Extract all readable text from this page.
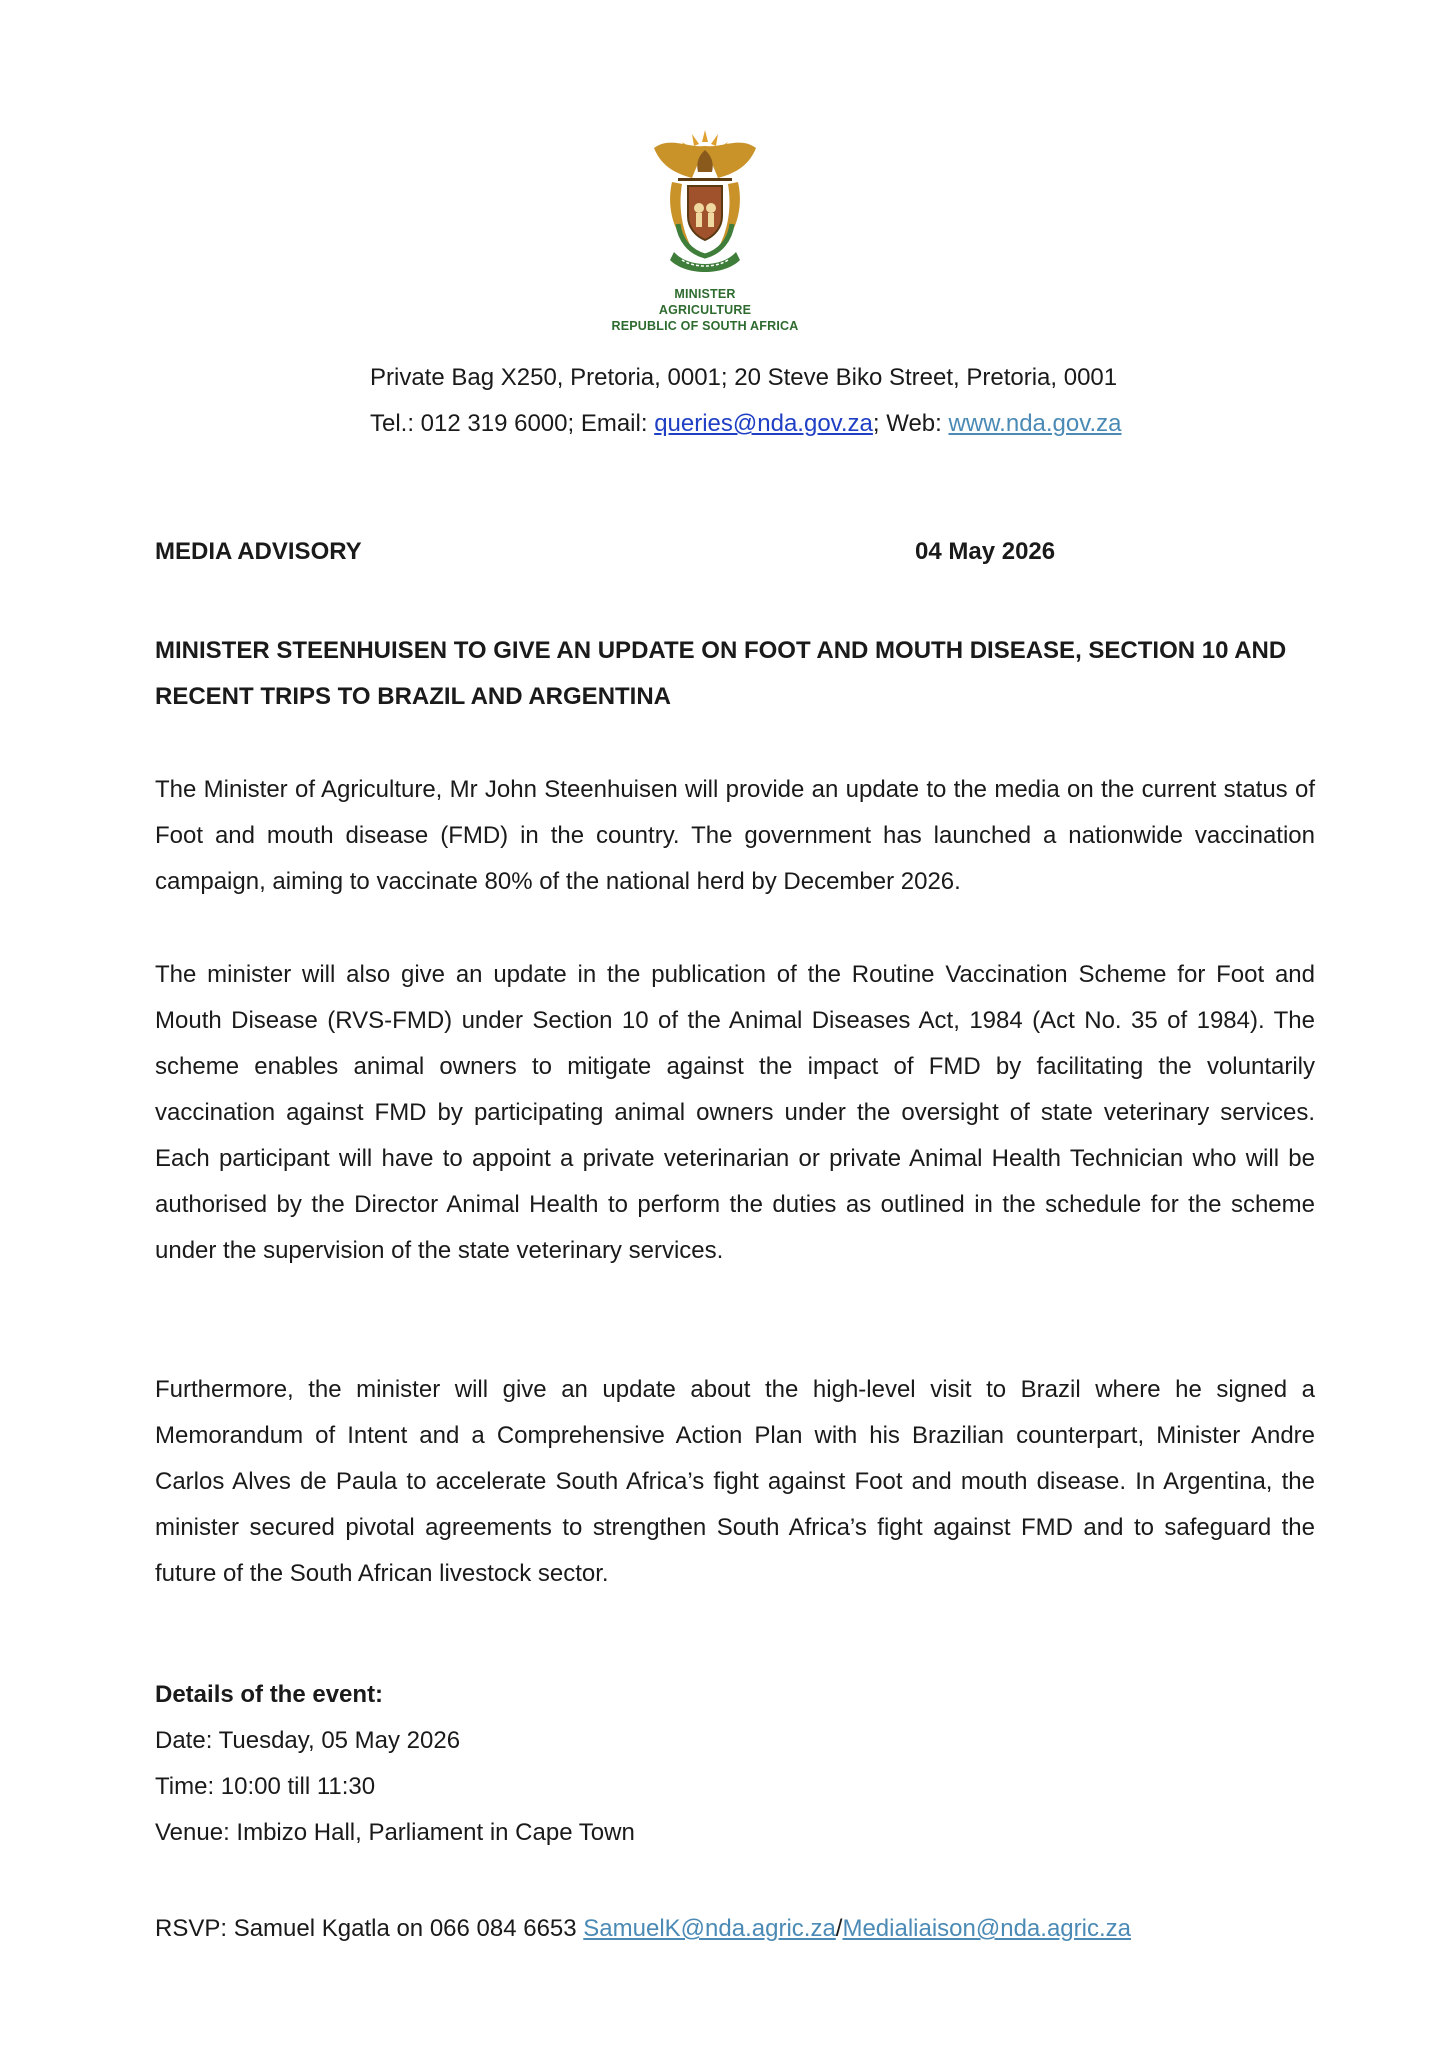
MINISTER
AGRICULTURE
REPUBLIC OF SOUTH AFRICA
Private Bag X250, Pretoria, 0001; 20 Steve Biko Street, Pretoria, 0001
Tel.: 012 319 6000; Email: queries@nda.gov.za; Web: www.nda.gov.za
MEDIA ADVISORY	04 May 2026
MINISTER STEENHUISEN TO GIVE AN UPDATE ON FOOT AND MOUTH DISEASE, SECTION 10 AND RECENT TRIPS TO BRAZIL AND ARGENTINA

The Minister of Agriculture, Mr John Steenhuisen will provide an update to the media on the current status of Foot and mouth disease (FMD) in the country. The government has launched a nationwide vaccination campaign, aiming to vaccinate 80% of the national herd by December 2026.

The minister will also give an update in the publication of the Routine Vaccination Scheme for Foot and Mouth Disease (RVS-FMD) under Section 10 of the Animal Diseases Act, 1984 (Act No. 35 of 1984). The scheme enables animal owners to mitigate against the impact of FMD by facilitating the voluntarily vaccination against FMD by participating animal owners under the oversight of state veterinary services. Each participant will have to appoint a private veterinarian or private Animal Health Technician who will be authorised by the Director Animal Health to perform the duties as outlined in the schedule for the scheme under the supervision of the state veterinary services.

Furthermore, the minister will give an update about the high-level visit to Brazil where he signed a Memorandum of Intent and a Comprehensive Action Plan with his Brazilian counterpart, Minister Andre Carlos Alves de Paula to accelerate South Africa’s fight against Foot and mouth disease. In Argentina, the minister secured pivotal agreements to strengthen South Africa’s fight against FMD and to safeguard the future of the South African livestock sector.

Details of the event:
Date: Tuesday, 05 May 2026
Time: 10:00 till 11:30
Venue: Imbizo Hall, Parliament in Cape Town
RSVP: Samuel Kgatla on 066 084 6653 SamuelK@nda.agric.za/Medialiaison@nda.agric.za
